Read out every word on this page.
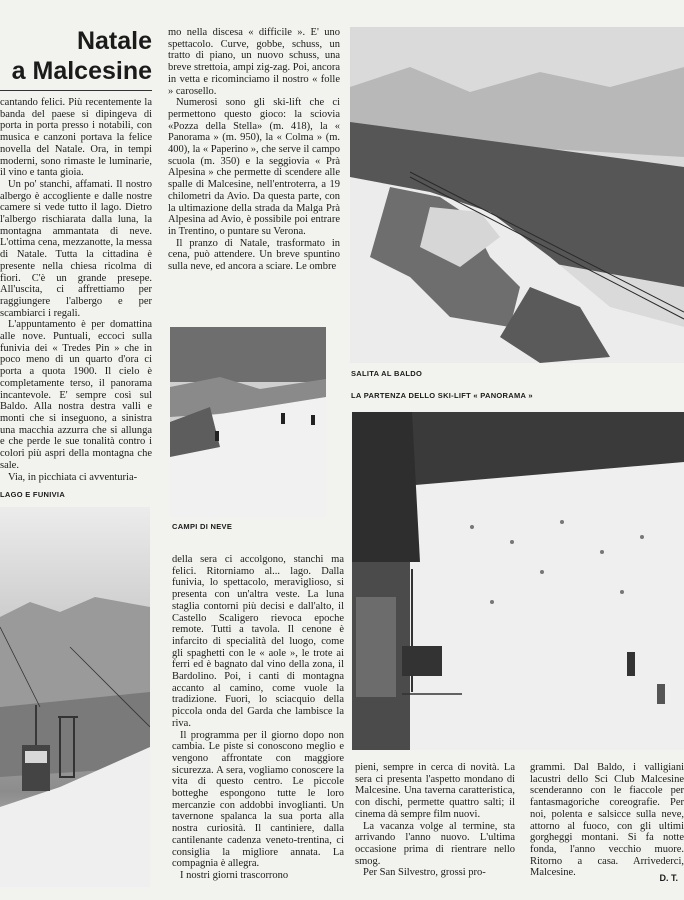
Natale
a Malcesine

cantando felici. Più recentemente la banda del paese si dipingeva di porta in porta presso i notabili, con musica e canzoni portava la felice novella del Natale. Ora, in tempi moderni, sono rimaste le luminarie, il vino e tanta gioia.

Un po' stanchi, affamati. Il nostro albergo è accogliente e dalle nostre camere si vede tutto il lago. Dietro l'albergo rischiarata dalla luna, la montagna ammantata di neve. L'ottima cena, mezzanotte, la messa di Natale. Tutta la cittadina è presente nella chiesa ricolma di fiori. C'è un grande presepe. All'uscita, ci affrettiamo per raggiungere l'albergo e per scambiarci i regali.

L'appuntamento è per domattina alle nove. Puntuali, eccoci sulla funivia dei « Tredes Pin » che in poco meno di un quarto d'ora ci porta a quota 1900. Il cielo è completamente terso, il panorama incantevole. E' sempre così sul Baldo. Alla nostra destra valli e monti che si inseguono, a sinistra una macchia azzurra che si allunga e che perde le sue tonalità contro i colori più aspri della montagna che sale.

Via, in picchiata ci avventuria-

LAGO E FUNIVIA

mo nella discesa « difficile ». E' uno spettacolo. Curve, gobbe, schuss, un tratto di piano, un nuovo schuss, una breve strettoia, ampi zig-zag. Poi, ancora in vetta e ricominciamo il nostro « folle » carosello.

Numerosi sono gli ski-lift che ci permettono questo gioco: la sciovia «Pozza della Stella» (m. 418), la « Panorama » (m. 950), la « Colma » (m. 400), la « Paperino », che serve il campo scuola (m. 350) e la seggiovia « Prà Alpesina » che permette di scendere alle spalle di Malcesine, nell'entroterra, a 19 chilometri da Avio. Da questa parte, con la ultimazione della strada da Malga Prà Alpesina ad Avio, è possibile poi entrare in Trentino, o puntare su Verona.

Il pranzo di Natale, trasformato in cena, può attendere. Un breve spuntino sulla neve, ed ancora a sciare. Le ombre

CAMPI DI NEVE

della sera ci accolgono, stanchi ma felici. Ritorniamo al... lago. Dalla funivia, lo spettacolo, meraviglioso, si presenta con un'altra veste. La luna staglia contorni più decisi e dall'alto, il Castello Scaligero rievoca epoche remote. Tutti a tavola. Il cenone è infarcito di specialità del luogo, come gli spaghetti con le « aole », le trote ai ferri ed è bagnato dal vino della zona, il Bardolino. Poi, i canti di montagna accanto al camino, come vuole la tradizione. Fuori, lo sciacquio della piccola onda del Garda che lambisce la riva.

Il programma per il giorno dopo non cambia. Le piste si conoscono meglio e vengono affrontate con maggiore sicurezza. A sera, vogliamo conoscere la vita di questo centro. Le piccole botteghe espongono tutte le loro mercanzie con addobbi invoglianti. Un tavernone spalanca la sua porta alla nostra curiosità. Il cantiniere, dalla cantilenante cadenza veneto-trentina, ci consiglia la migliore annata. La compagnia è allegra.

I nostri giorni trascorrono

SALITA AL BALDO
LA PARTENZA DELLO SKI-LIFT « PANORAMA »

pieni, sempre in cerca di novità. La sera ci presenta l'aspetto mondano di Malcesine. Una taverna caratteristica, con dischi, permette quattro salti; il cinema dà sempre film nuovi.

La vacanza volge al termine, sta arrivando l'anno nuovo. L'ultima occasione prima di rientrare nello smog.

Per San Silvestro, grossi pro-

grammi. Dal Baldo, i valligiani lacustri dello Sci Club Malcesine scenderanno con le fiaccole per fantasmagoriche coreografie. Per noi, polenta e salsicce sulla neve, attorno al fuoco, con gli ultimi gorgheggi montani. Si fa notte fonda, l'anno vecchio muore. Ritorno a casa. Arrivederci, Malcesine.	D. T.
